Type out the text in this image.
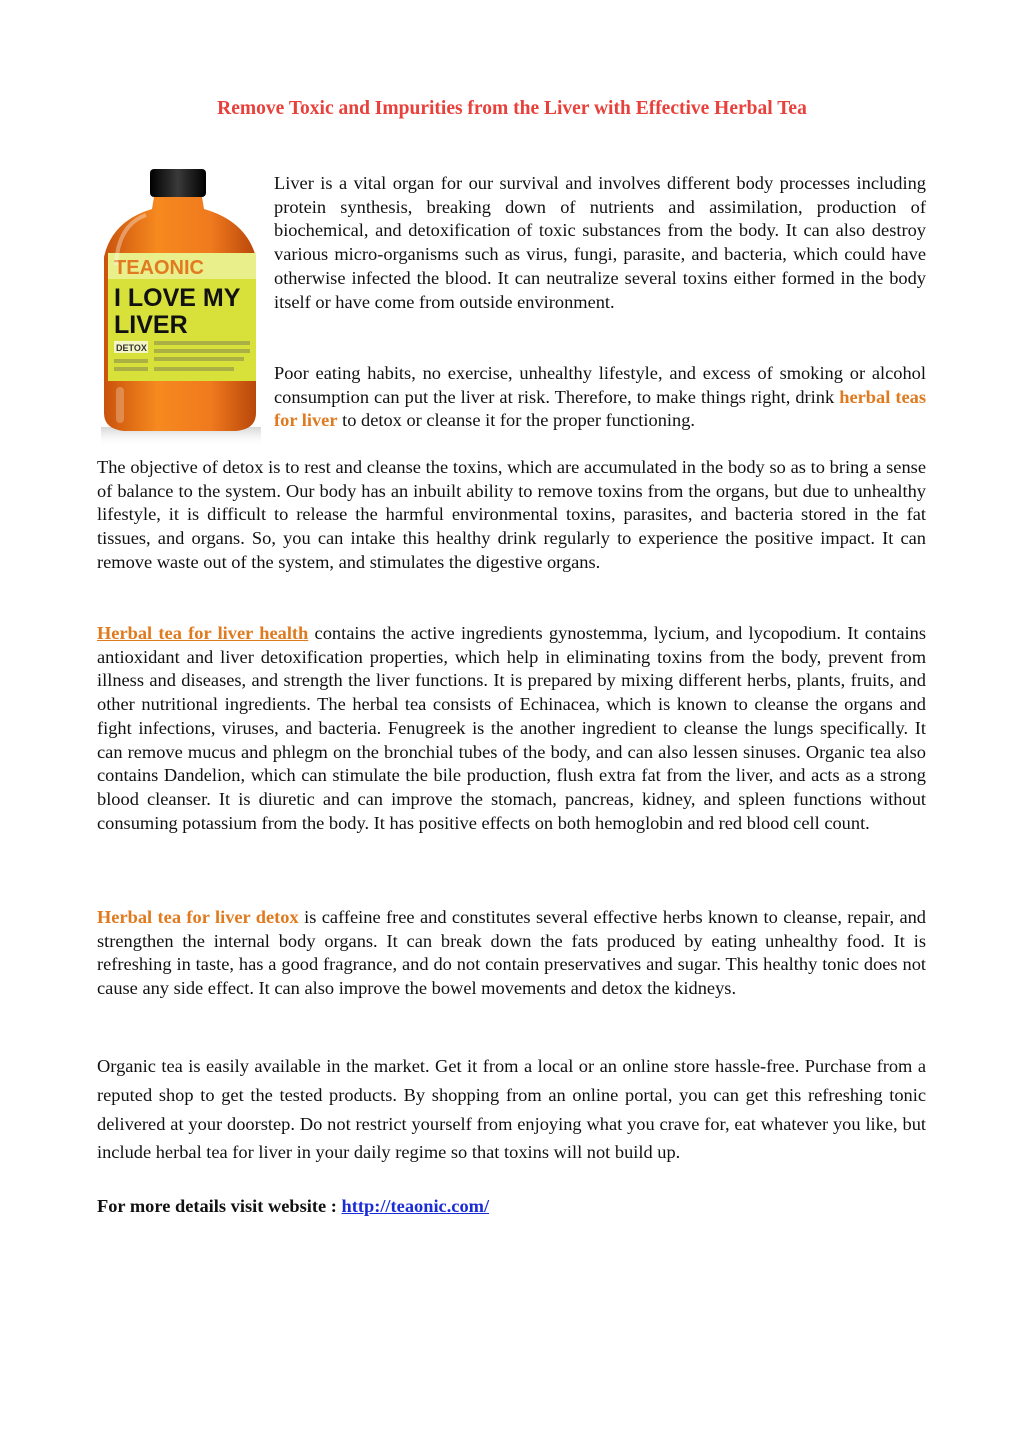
Remove Toxic and Impurities from the Liver with Effective Herbal Tea
TEAONIC
I LOVE MY
LIVER
DETOX

Liver is a vital organ for our survival and involves different body processes including protein synthesis, breaking down of nutrients and assimilation, production of biochemical, and detoxification of toxic substances from the body. It can also destroy various micro-organisms such as virus, fungi, parasite, and bacteria, which could have otherwise infected the blood. It can neutralize several toxins either formed in the body itself or have come from outside environment.

Poor eating habits, no exercise, unhealthy lifestyle, and excess of smoking or alcohol consumption can put the liver at risk. Therefore, to make things right, drink herbal teas for liver to detox or cleanse it for the proper functioning.

The objective of detox is to rest and cleanse the toxins, which are accumulated in the body so as to bring a sense of balance to the system. Our body has an inbuilt ability to remove toxins from the organs, but due to unhealthy lifestyle, it is difficult to release the harmful environmental toxins, parasites, and bacteria stored in the fat tissues, and organs. So, you can intake this healthy drink regularly to experience the positive impact. It can remove waste out of the system, and stimulates the digestive organs.

Herbal tea for liver health contains the active ingredients gynostemma, lycium, and lycopodium. It contains antioxidant and liver detoxification properties, which help in eliminating toxins from the body, prevent from illness and diseases, and strength the liver functions. It is prepared by mixing different herbs, plants, fruits, and other nutritional ingredients. The herbal tea consists of Echinacea, which is known to cleanse the organs and fight infections, viruses, and bacteria. Fenugreek is the another ingredient to cleanse the lungs specifically. It can remove mucus and phlegm on the bronchial tubes of the body, and can also lessen sinuses. Organic tea also contains Dandelion, which can stimulate the bile production, flush extra fat from the liver, and acts as a strong blood cleanser. It is diuretic and can improve the stomach, pancreas, kidney, and spleen functions without consuming potassium from the body. It has positive effects on both hemoglobin and red blood cell count.

Herbal tea for liver detox is caffeine free and constitutes several effective herbs known to cleanse, repair, and strengthen the internal body organs. It can break down the fats produced by eating unhealthy food. It is refreshing in taste, has a good fragrance, and do not contain preservatives and sugar. This healthy tonic does not cause any side effect. It can also improve the bowel movements and detox the kidneys.

Organic tea is easily available in the market. Get it from a local or an online store hassle-free. Purchase from a reputed shop to get the tested products. By shopping from an online portal, you can get this refreshing tonic delivered at your doorstep. Do not restrict yourself from enjoying what you crave for, eat whatever you like, but include herbal tea for liver in your daily regime so that toxins will not build up.

For more details visit website : http://teaonic.com/
